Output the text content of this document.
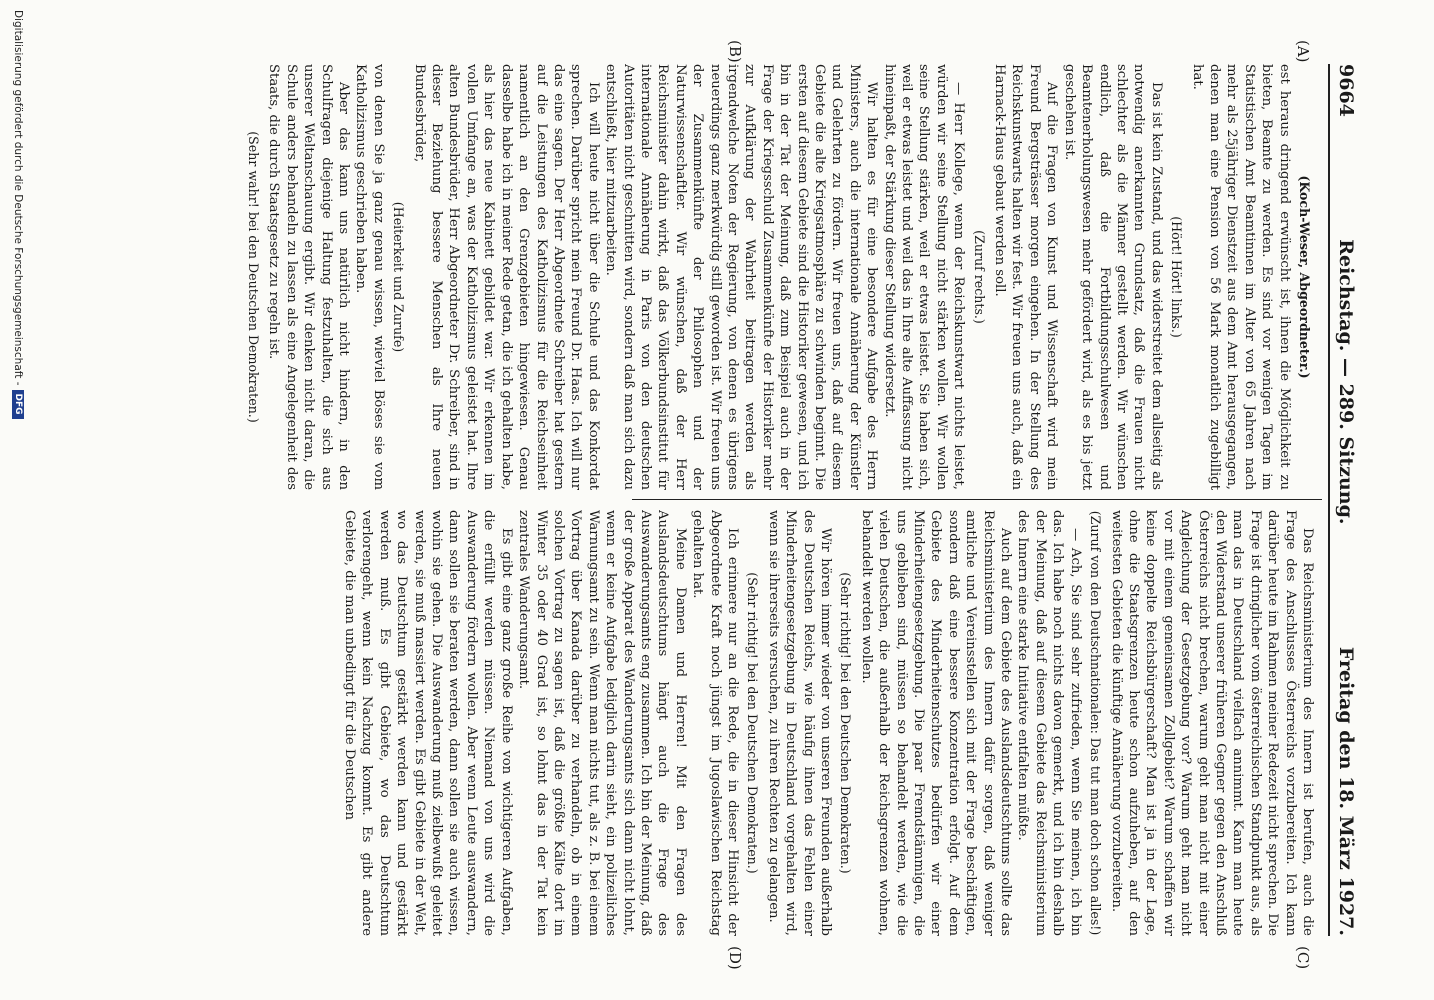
9664
Reichstag. — 289. Sitzung.
Freitag den 18. März 1927.
(A)
(B)
(C)
(D)

(Koch-Weser, Abgeordneter.)

est heraus dringend erwünscht ist, ihnen die Möglichkeit zu bieten, Beamte zu werden. Es sind vor wenigen Tagen im Statistischen Amt Beamtinnen im Alter von 65 Jahren nach mehr als 25jähriger Dienstzeit aus dem Amt herausgegangen, denen man eine Pension von 56 Mark monatlich zugebilligt hat.

(Hört! Hört! links.)

Das ist kein Zustand, und das widerstreitet dem allseitig als notwendig anerkannten Grundsatz, daß die Frauen nicht schlechter als die Männer gestellt werden. Wir wünschen endlich, daß die Fortbildungsschulwesen und Beamtenerholungswesen mehr gefördert wird, als es bis jetzt geschehen ist.

Auf die Fragen von Kunst und Wissenschaft wird mein Freund Bergsträsser morgen eingehen. In der Stellung des Reichskunstwarts halten wir fest. Wir freuen uns auch, daß ein Harnack-Haus gebaut werden soll.

(Zuruf rechts.)

— Herr Kollege, wenn der Reichskunstwart nichts leistet, würden wir seine Stellung nicht stärken wollen. Wir wollen seine Stellung stärken, weil er etwas leistet. Sie haben sich, weil er etwas leistet und weil das in Ihre alte Auffassung nicht hineinpaßt, der Stärkung dieser Stellung widersetzt.

Wir halten es für eine besondere Aufgabe des Herrn Ministers, auch die internationale Annäherung der Künstler und Gelehrten zu fördern. Wir freuen uns, daß auf diesem Gebiete die alte Kriegsatmosphäre zu schwinden beginnt. Die ersten auf diesem Gebiete sind die Historiker gewesen, und ich bin in der Tat der Meinung, daß zum Beispiel auch in der Frage der Kriegsschuld Zusammenkünfte der Historiker mehr zur Aufklärung der Wahrheit beitragen werden als irgendwelche Noten der Regierung, von denen es übrigens neuerdings ganz merkwürdig still geworden ist. Wir freuen uns der Zusammenkünfte der Philosophen und der Naturwissenschaftler. Wir wünschen, daß der Herr Reichsminister dahin wirkt, daß das Völkerbundsinstitut für internationale Annäherung in Paris von den deutschen Autoritäten nicht geschnitten wird, sondern daß man sich dazu entschließt, hier mitzuarbeiten.

Ich will heute nicht über die Schule und das Konkordat sprechen. Darüber spricht mein Freund Dr. Haas. Ich will nur das eine sagen. Der Herr Abgeordnete Schreiber hat gestern auf die Leistungen des Katholizismus für die Reichseinheit namentlich an den Grenzgebieten hingewiesen. Genau dasselbe habe ich in meiner Rede getan, die ich gehalten habe, als hier das neue Kabinett gebildet war. Wir erkennen im vollen Umfange an, was der Katholizismus geleistet hat. Ihre alten Bundesbrüder, Herr Abgeordneter Dr. Schreiber, sind in dieser Beziehung bessere Menschen als Ihre neuen Bundesbrüder,

(Heiterkeit und Zurufe)

von denen Sie ja ganz genau wissen, wieviel Böses sie vom Katholizismus geschrieben haben.

Aber das kann uns natürlich nicht hindern, in den Schulfragen diejenige Haltung festzuhalten, die sich aus unserer Weltanschauung ergibt. Wir denken nicht daran, die Schule anders behandeln zu lassen als eine Angelegenheit des Staats, die durch Staatsgesetz zu regeln ist.

(Sehr wahr! bei den Deutschen Demokraten.)

Das Reichsministerium des Innern ist berufen, auch die Frage des Anschlusses Österreichs vorzubereiten. Ich kann darüber heute im Rahmen meiner Redezeit nicht sprechen. Die Frage ist dringlicher vom österreichischen Standpunkt aus, als man das in Deutschland vielfach annimmt. Kann man heute den Widerstand unserer früheren Gegner gegen den Anschluß Österreichs nicht brechen, warum geht man nicht mit einer Angleichung der Gesetzgebung vor? Warum geht man nicht vor mit einem gemeinsamen Zollgebiet? Warum schaffen wir keine doppelte Reichsbürgerschaft? Man ist ja in der Lage, ohne die Staatsgrenzen heute schon aufzuheben, auf den weitesten Gebieten die künftige Annäherung vorzubereiten.

(Zuruf von den Deutschnationalen: Das tut man doch schon alles!)

— Ach, Sie sind sehr zufrieden, wenn Sie meinen, ich bin das. Ich habe noch nichts davon gemerkt, und ich bin deshalb der Meinung, daß auf diesem Gebiete das Reichsministerium des Innern eine starke Initiative entfalten müßte.

Auch auf dem Gebiete des Auslandsdeutschtums sollte das Reichsministerium des Innern dafür sorgen, daß weniger amtliche und Vereinsstellen sich mit der Frage beschäftigen, sondern daß eine bessere Konzentration erfolgt. Auf dem Gebiete des Minderheitenschutzes bedürfen wir einer Minderheitengesetzgebung. Die paar Fremdstämmigen, die uns geblieben sind, müssen so behandelt werden, wie die vielen Deutschen, die außerhalb der Reichsgrenzen wohnen, behandelt werden wollen.

(Sehr richtig! bei den Deutschen Demokraten.)

Wir hören immer wieder von unseren Freunden außerhalb des Deutschen Reichs, wie häufig ihnen das Fehlen einer Minderheitengesetzgebung in Deutschland vorgehalten wird, wenn sie ihrerseits versuchen, zu ihren Rechten zu gelangen.

(Sehr richtig! bei den Deutschen Demokraten.)

Ich erinnere nur an die Rede, die in dieser Hinsicht der Abgeordnete Kraft noch jüngst im Jugoslawischen Reichstag gehalten hat.

Meine Damen und Herren! Mit den Fragen des Auslandsdeutschtums hängt auch die Frage des Auswanderungsamts eng zusammen. Ich bin der Meinung, daß der große Apparat des Wanderungsamts sich dann nicht lohnt, wenn er keine Aufgabe lediglich darin sieht, ein polizeiliches Warnungsamt zu sein. Wenn man nichts tut, als z. B. bei einem Vortrag über Kanada darüber zu verhandeln, ob in einem solchen Vortrag zu sagen ist, daß die größte Kälte dort im Winter 35 oder 40 Grad ist, so lohnt das in der Tat kein zentrales Wanderungsamt.

Es gibt eine ganz große Reihe von wichtigeren Aufgaben, die erfüllt werden müssen. Niemand von uns wird die Auswanderung fördern wollen. Aber wenn Leute auswandern, dann sollen sie beraten werden, dann sollen sie auch wissen, wohin sie gehen. Die Auswanderung muß zielbewußt geleitet werden, sie muß massiert werden. Es gibt Gebiete in der Welt, wo das Deutschtum gestärkt werden kann und gestärkt werden muß. Es gibt Gebiete, wo das Deutschtum verlorengeht, wenn kein Nachzug kommt. Es gibt andere Gebiete, die man unbedingt für die Deutschen

Digitalisierung gefördert durch die Deutsche Forschungsgemeinschaft -
DFG
